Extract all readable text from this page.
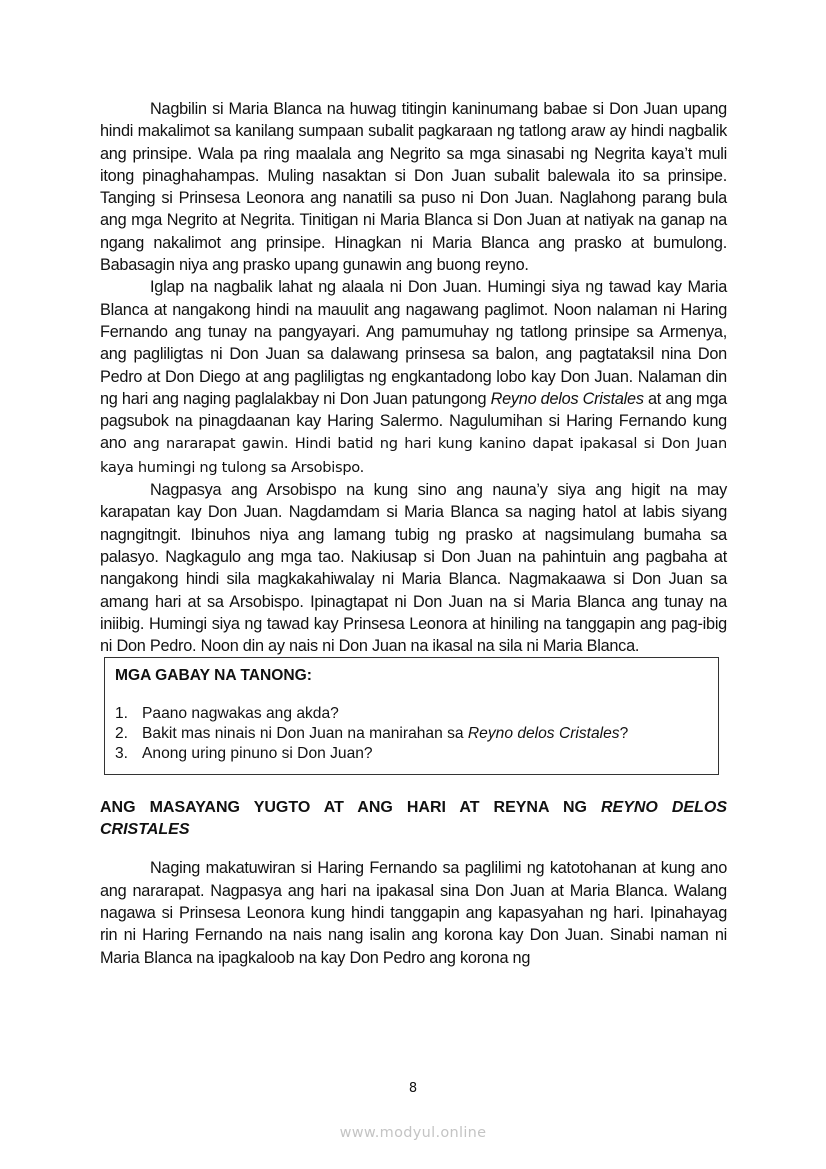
Nagbilin si Maria Blanca na huwag titingin kaninumang babae si Don Juan upang hindi makalimot sa kanilang sumpaan subalit pagkaraan ng tatlong araw ay hindi nagbalik ang prinsipe. Wala pa ring maalala ang Negrito sa mga sinasabi ng Negrita kaya’t muli itong pinaghahampas. Muling nasaktan si Don Juan subalit balewala ito sa prinsipe. Tanging si Prinsesa Leonora ang nanatili sa puso ni Don Juan. Naglahong parang bula ang mga Negrito at Negrita. Tinitigan ni Maria Blanca si Don Juan at natiyak na ganap na ngang nakalimot ang prinsipe. Hinagkan ni Maria Blanca ang prasko at bumulong. Babasagin niya ang prasko upang gunawin ang buong reyno.

Iglap na nagbalik lahat ng alaala ni Don Juan. Humingi siya ng tawad kay Maria Blanca at nangakong hindi na mauulit ang nagawang paglimot. Noon nalaman ni Haring Fernando ang tunay na pangyayari. Ang pamumuhay ng tatlong prinsipe sa Armenya, ang pagliligtas ni Don Juan sa dalawang prinsesa sa balon, ang pagtataksil nina Don Pedro at Don Diego at ang pagliligtas ng engkantadong lobo kay Don Juan. Nalaman din ng hari ang naging paglalakbay ni Don Juan patungong Reyno delos Cristales at ang mga pagsubok na pinagdaanan kay Haring Salermo. Nagulumihan si Haring Fernando kung ano ang nararapat gawin. Hindi batid ng hari kung kanino dapat ipakasal si Don Juan kaya humingi ng tulong sa Arsobispo.

Nagpasya ang Arsobispo na kung sino ang nauna’y siya ang higit na may karapatan kay Don Juan. Nagdamdam si Maria Blanca sa naging hatol at labis siyang nagngitngit. Ibinuhos niya ang lamang tubig ng prasko at nagsimulang bumaha sa palasyo. Nagkagulo ang mga tao. Nakiusap si Don Juan na pahintuin ang pagbaha at nangakong hindi sila magkakahiwalay ni Maria Blanca. Nagmakaawa si Don Juan sa amang hari at sa Arsobispo. Ipinagtapat ni Don Juan na si Maria Blanca ang tunay na iniibig. Humingi siya ng tawad kay Prinsesa Leonora at hiniling na tanggapin ang pag-ibig ni Don Pedro. Noon din ay nais ni Don Juan na ikasal na sila ni Maria Blanca.

MGA GABAY NA TANONG:
1. Paano nagwakas ang akda?
2. Bakit mas ninais ni Don Juan na manirahan sa Reyno delos Cristales?
3. Anong uring pinuno si Don Juan?
ANG MASAYANG YUGTO AT ANG HARI AT REYNA NG REYNO DELOS CRISTALES

Naging makatuwiran si Haring Fernando sa paglilimi ng katotohanan at kung ano ang nararapat. Nagpasya ang hari na ipakasal sina Don Juan at Maria Blanca. Walang nagawa si Prinsesa Leonora kung hindi tanggapin ang kapasyahan ng hari. Ipinahayag rin ni Haring Fernando na nais nang isalin ang korona kay Don Juan. Sinabi naman ni Maria Blanca na ipagkaloob na kay Don Pedro ang korona ng

8
www.modyul.online
